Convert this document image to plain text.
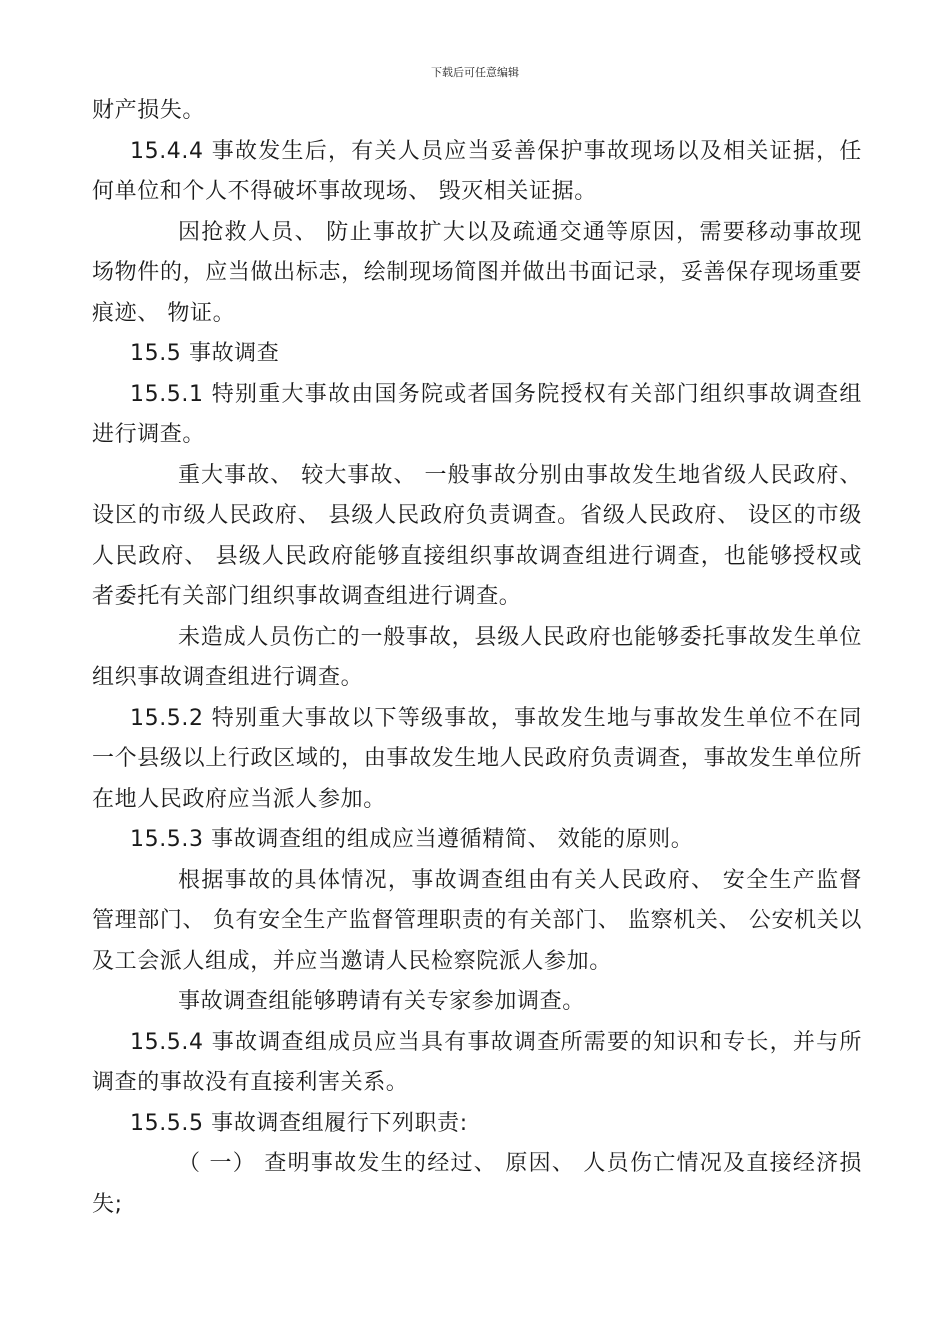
下载后可任意编辑

财产损失。

15.4.4 事故发生后，有关人员应当妥善保护事故现场以及相关证据，任何单位和个人不得破坏事故现场、 毁灭相关证据。

因抢救人员、 防止事故扩大以及疏通交通等原因，需要移动事故现场物件的，应当做出标志，绘制现场简图并做出书面记录，妥善保存现场重要痕迹、 物证。

15.5 事故调查

15.5.1 特别重大事故由国务院或者国务院授权有关部门组织事故调查组进行调查。

重大事故、 较大事故、 一般事故分别由事故发生地省级人民政府、 设区的市级人民政府、 县级人民政府负责调查。省级人民政府、 设区的市级人民政府、 县级人民政府能够直接组织事故调查组进行调查，也能够授权或者委托有关部门组织事故调查组进行调查。

未造成人员伤亡的一般事故，县级人民政府也能够委托事故发生单位组织事故调查组进行调查。

15.5.2 特别重大事故以下等级事故，事故发生地与事故发生单位不在同一个县级以上行政区域的，由事故发生地人民政府负责调查，事故发生单位所在地人民政府应当派人参加。

15.5.3 事故调查组的组成应当遵循精简、 效能的原则。

根据事故的具体情况，事故调查组由有关人民政府、 安全生产监督管理部门、 负有安全生产监督管理职责的有关部门、 监察机关、 公安机关以及工会派人组成，并应当邀请人民检察院派人参加。

事故调查组能够聘请有关专家参加调查。

15.5.4 事故调查组成员应当具有事故调查所需要的知识和专长，并与所调查的事故没有直接利害关系。

15.5.5 事故调查组履行下列职责:

（ 一） 查明事故发生的经过、 原因、 人员伤亡情况及直接经济损失;
